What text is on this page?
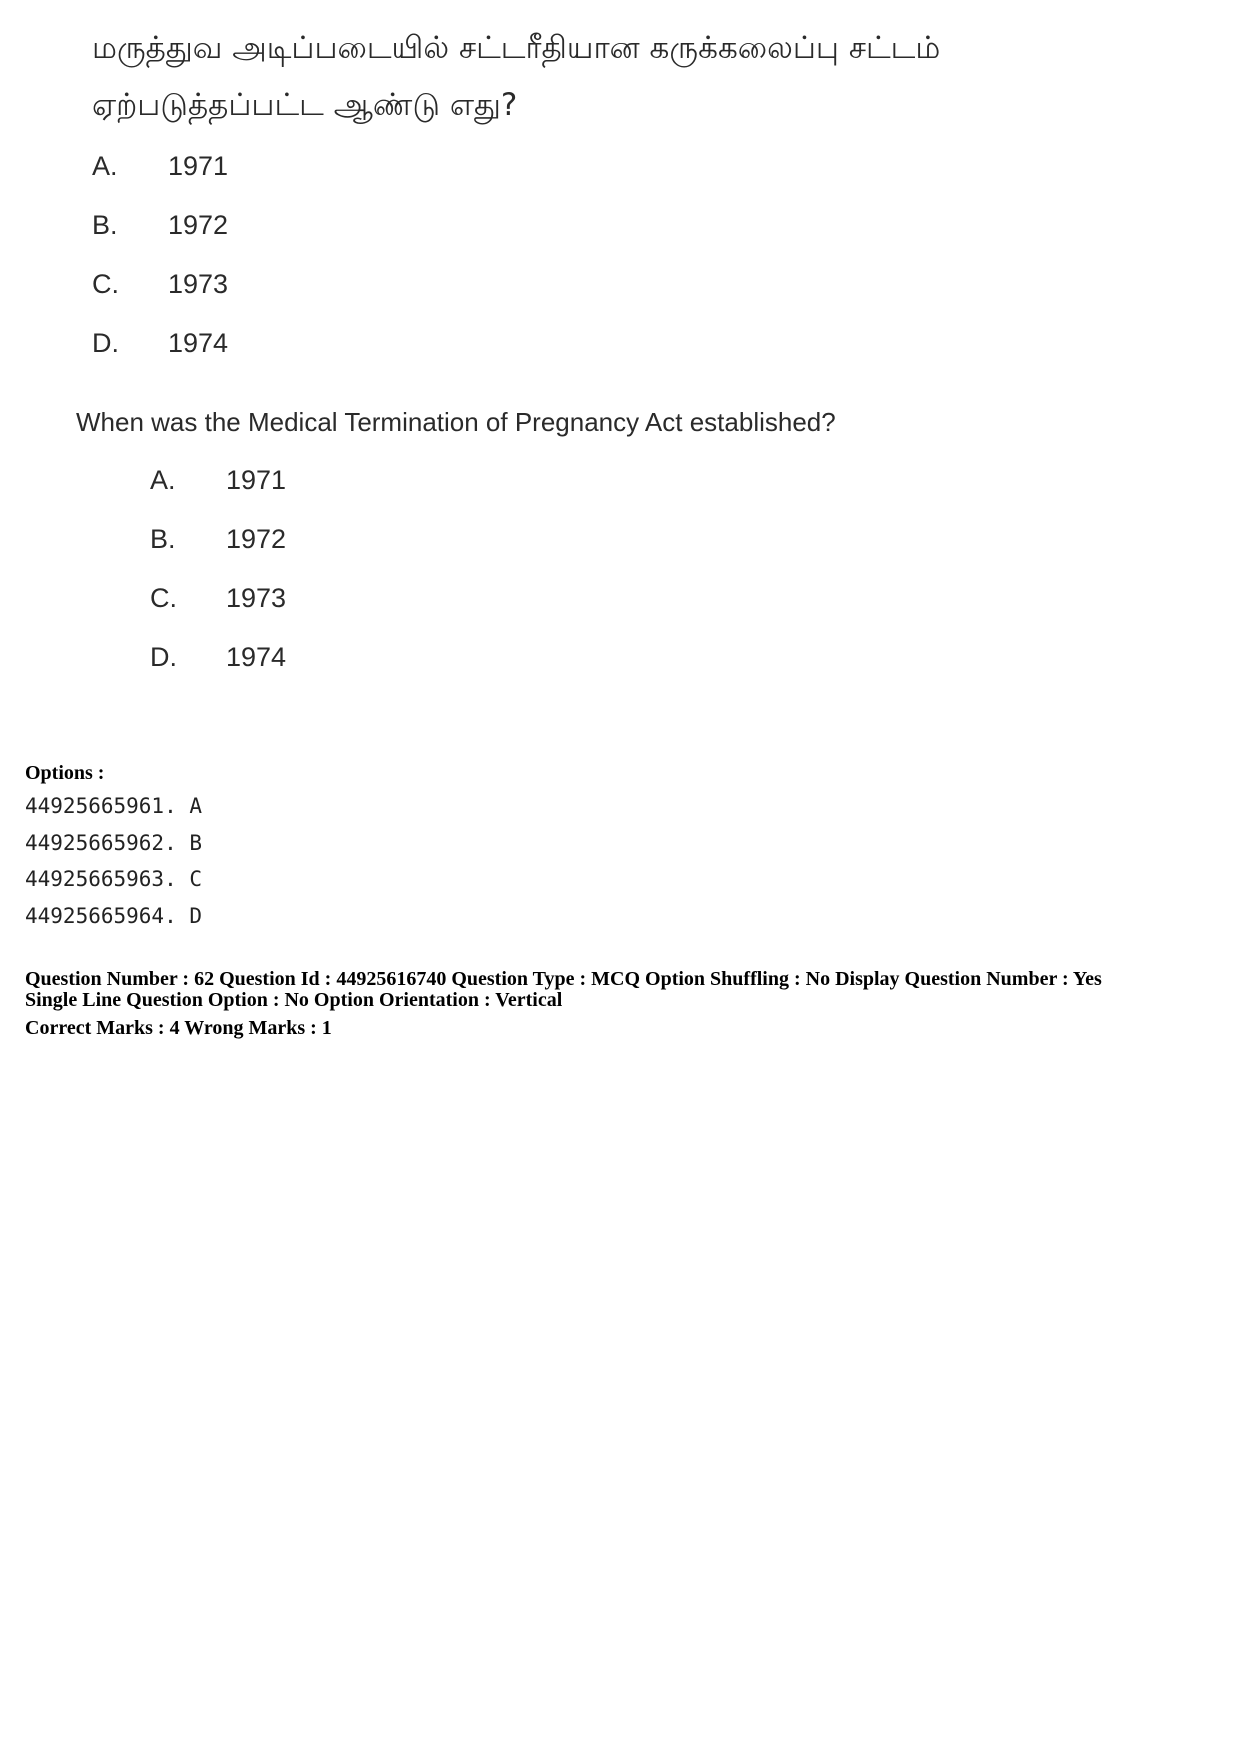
மருத்துவ அடிப்படையில் சட்டரீதியான கருக்கலைப்பு சட்டம் ஏற்படுத்தப்பட்ட ஆண்டு எது?
A.	1971
B.	1972
C.	1973
D.	1974
When was the Medical Termination of Pregnancy Act established?
A.	1971
B.	1972
C.	1973
D.	1974

Options :

44925665961. A
44925665962. B
44925665963. C
44925665964. D

Question Number : 62 Question Id : 44925616740 Question Type : MCQ Option Shuffling : No Display Question Number : Yes

Single Line Question Option : No Option Orientation : Vertical

Correct Marks : 4 Wrong Marks : 1
